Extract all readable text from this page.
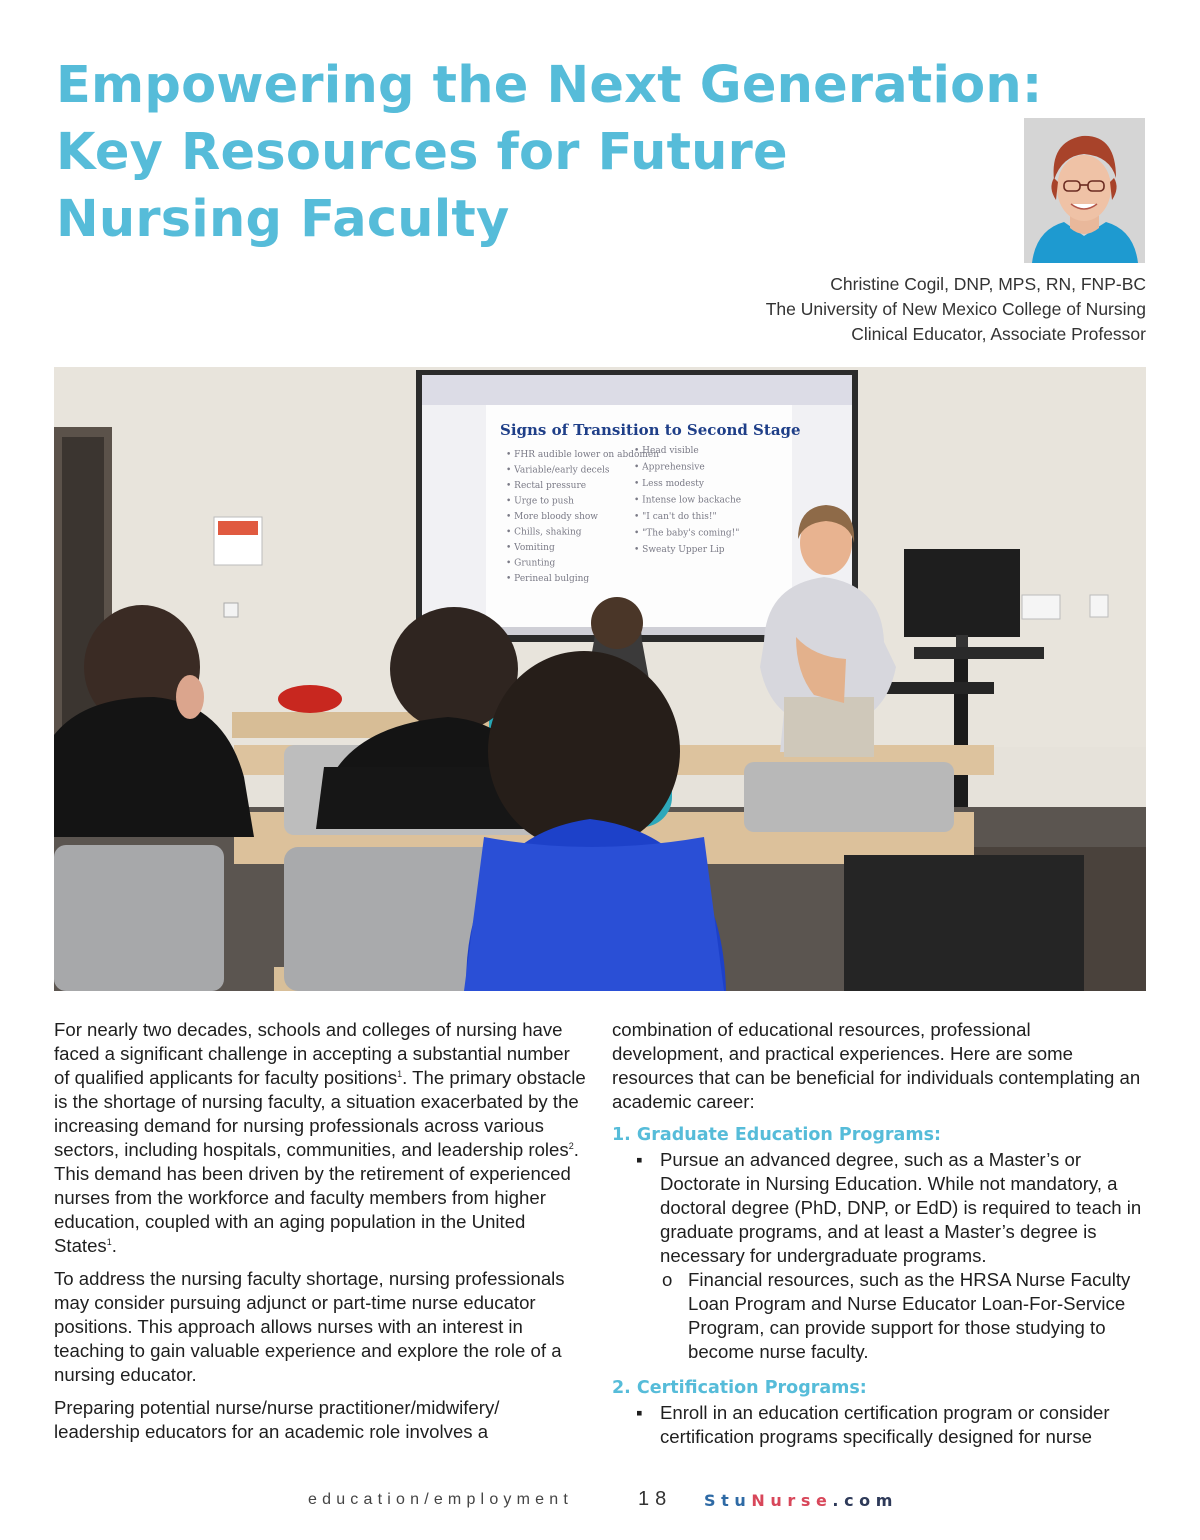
Empowering the Next Generation:
Key Resources for Future
Nursing Faculty
Christine Cogil, DNP, MPS, RN, FNP-BC
The University of New Mexico College of Nursing
Clinical Educator, Associate Professor
Signs of Transition to Second Stage
• FHR audible lower on abdomen
• Variable/early decels
• Rectal pressure
• Urge to push
• More bloody show
• Chills, shaking
• Vomiting
• Grunting
• Perineal bulging
• Head visible
• Apprehensive
• Less modesty
• Intense low backache
• "I can't do this!"
• "The baby's coming!"
• Sweaty Upper Lip

For nearly two decades, schools and colleges of nursing have faced a significant challenge in accepting a substantial number of qualified applicants for faculty positions$^1$. The primary obstacle is the shortage of nursing faculty, a situation exacerbated by the increasing demand for nursing professionals across various sectors, including hospitals, communities, and leadership roles$^2$. This demand has been driven by the retirement of experienced nurses from the workforce and faculty members from higher education, coupled with an aging population in the United States$^1$.

To address the nursing faculty shortage, nursing professionals may consider pursuing adjunct or part-time nurse educator positions. This approach allows nurses with an interest in teaching to gain valuable experience and explore the role of a nursing educator.

Preparing potential nurse/nurse practitioner/midwifery/ leadership educators for an academic role involves a

combination of educational resources, professional development, and practical experiences. Here are some resources that can be beneficial for individuals contemplating an academic career:

1. Graduate Education Programs:
▪ Pursue an advanced degree, such as a Master’s or Doctorate in Nursing Education. While not mandatory, a doctoral degree (PhD, DNP, or EdD) is required to teach in graduate programs, and at least a Master’s degree is necessary for undergraduate programs.
o Financial resources, such as the HRSA Nurse Faculty Loan Program and Nurse Educator Loan-For-Service Program, can provide support for those studying to become nurse faculty.
2. Certification Programs:
▪ Enroll in an education certification program or consider certification programs specifically designed for nurse
education/employment	18 StuNurse.com
